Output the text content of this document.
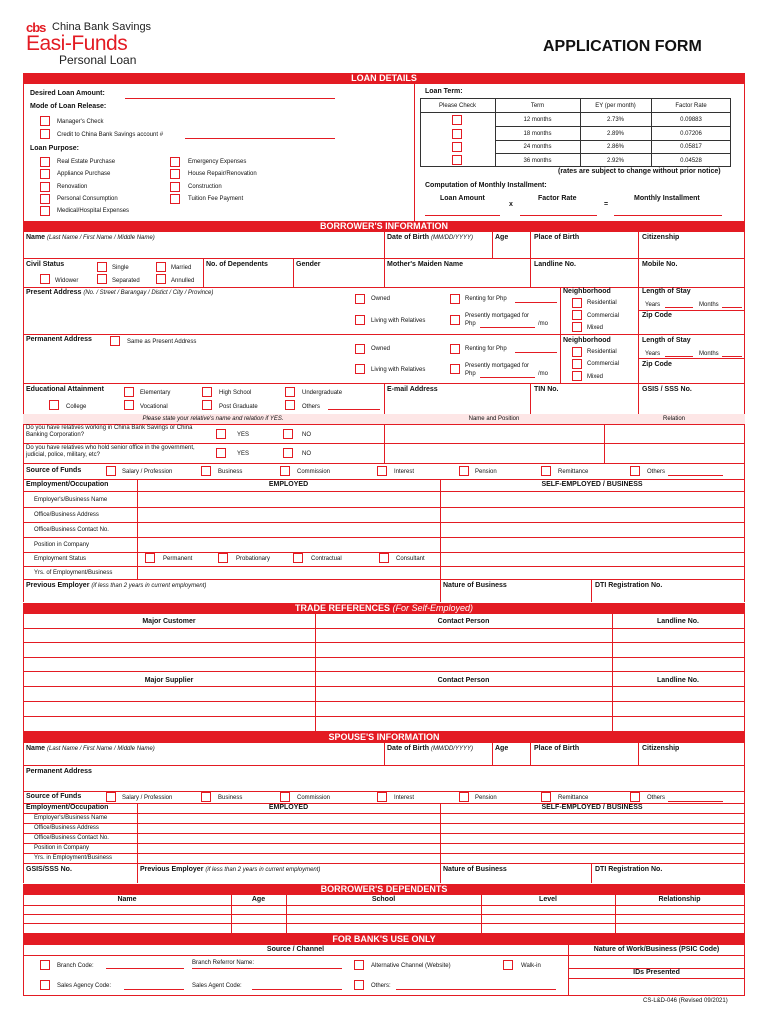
cbs China Bank Savings
Easi-Funds
Personal Loan
APPLICATION FORM
LOAN DETAILS
Desired Loan Amount:
Mode of Loan Release:
Manager's Check
Credit to China Bank Savings account #
Loan Purpose:
Real Estate Purchase	Emergency Expenses
Appliance Purchase	House Repair/Renovation
Renovation	Construction
Personal Consumption	Tuition Fee Payment
Medical/Hospital Expenses
Loan Term:
Please Check	Term	EY (per month)	Factor Rate
12 months	2.73%	0.09883
18 months	2.89%	0.07206
24 months	2.86%	0.05817
36 months	2.92%	0.04528
(rates are subject to change without prior notice)
Computation of Monthly Installment:
Loan Amount
x
Factor Rate
=
Monthly Installment
BORROWER'S INFORMATION
Name (Last Name / First Name / Middle Name)	Date of Birth (MM/DD/YYYY)	Age	Place of Birth	Citizenship
Civil Status	Single	Married
Widower	Separated	Annulled
No. of Dependents	Gender	Mother's Maiden Name	Landline No.	Mobile No.
Present Address (No. / Street / Barangay / Distict / City / Province)
Owned	Renting for Php
Living with Relatives
Presently mortgaged for
Php	/mo
Neighborhood
Residential
Commercial
Mixed
Length of Stay
Years	Months
Zip Code
Permanent Address	Same as Present Address
Owned	Renting for Php
Living with Relatives
Presently mortgaged for
Php	/mo
Neighborhood
Residential
Commercial
Mixed
Length of Stay
Years	Months
Zip Code
Educational Attainment	Elementary	High School	Undergraduate
College	Vocational	Post Graduate	Others
E-mail Address	TIN No.	GSIS / SSS No.
Please state your relative's name and relation if YES.	Name and Position	Relation
Do you have relatives working in China Bank Savings or China Banking Corporation?	YES	NO
Do you have relatives who hold senior office in the government, judicial, police, military, etc?	YES	NO
Source of Funds	Salary / Profession	Business	Commission	Interest	Pension	Remittance	Others
Employment/Occupation	EMPLOYED	SELF-EMPLOYED / BUSINESS
Employer's/Business Name
Office/Business Address
Office/Business Contact No.
Position in Company
Employment Status
Yrs. of Employment/Business
Permanent	Probationary	Contractual	Consultant
Previous Employer (if less than 2 years in current employment)	Nature of Business	DTI Registration No.
TRADE REFERENCES (For Self-Employed)
Major Customer	Contact Person	Landline No.
Major Supplier	Contact Person	Landline No.
SPOUSE'S INFORMATION
Name (Last Name / First Name / Middle Name)	Date of Birth (MM/DD/YYYY)	Age	Place of Birth	Citizenship
Permanent Address
Source of Funds	Salary / Profession	Business	Commission	Interest	Pension	Remittance	Others
Employment/Occupation	EMPLOYED	SELF-EMPLOYED / BUSINESS
Employer's/Business Name
Office/Business Address
Office/Business Contact No.
Position in Company
Yrs. in Employment/Business
GSIS/SSS No.	Previous Employer (if less than 2 years in current employment)	Nature of Business	DTI Registration No.
BORROWER'S DEPENDENTS
Name	Age	School	Level	Relationship
FOR BANK'S USE ONLY
Source / Channel	Nature of Work/Business (PSIC Code)
Branch Code:	Branch Referror Name:	Alternative Channel (Website)	Walk-in
IDs Presented
Sales Agency Code:	Sales Agent Code:	Others:
CS-L&D-046 (Revised 09/2021)
